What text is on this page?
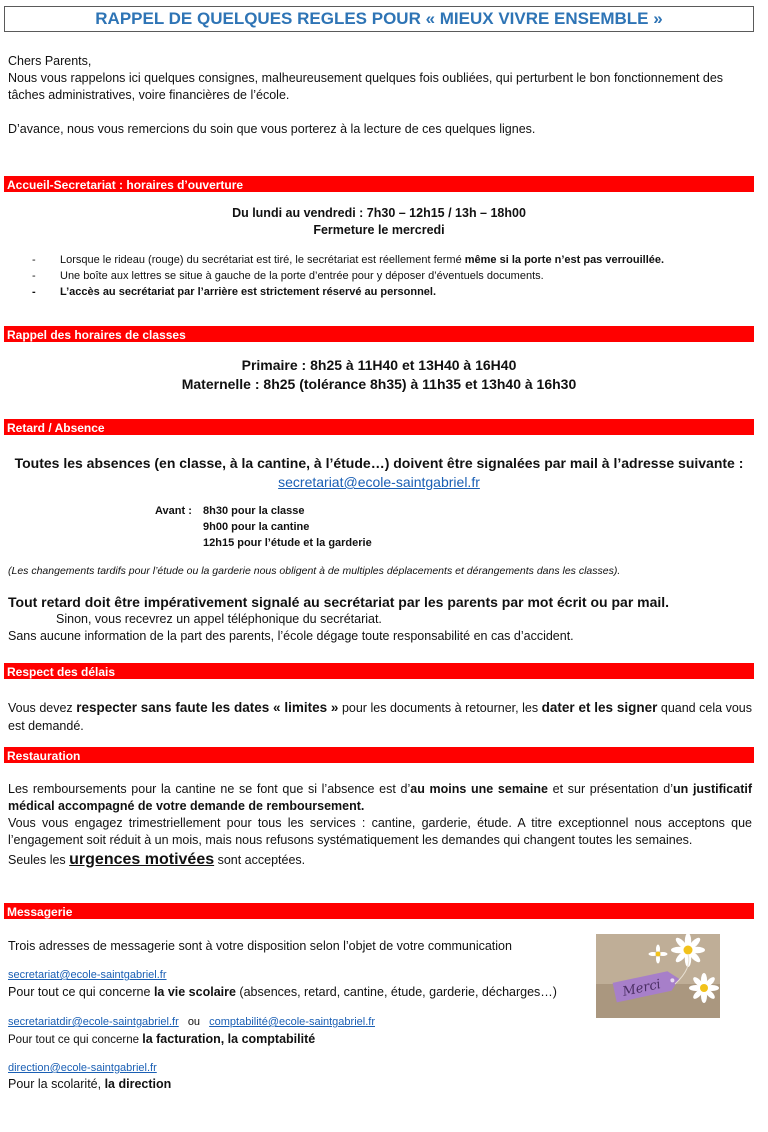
RAPPEL DE QUELQUES REGLES POUR « MIEUX VIVRE ENSEMBLE »
Chers Parents,
Nous vous rappelons ici quelques consignes, malheureusement quelques fois oubliées, qui perturbent le bon fonctionnement des tâches administratives, voire financières de l’école.
D’avance, nous vous remercions du soin que vous porterez à la lecture de ces quelques lignes.
Accueil-Secretariat : horaires d’ouverture
Du lundi au vendredi : 7h30 – 12h15 / 13h – 18h00
Fermeture le mercredi
- Lorsque le rideau (rouge) du secrétariat est tiré, le secrétariat est réellement fermé même si la porte n’est pas verrouillée.
- Une boîte aux lettres se situe à gauche de la porte d’entrée pour y déposer d’éventuels documents.
- L’accès au secrétariat par l’arrière est strictement réservé au personnel.
Rappel des horaires de classes
Primaire : 8h25 à 11H40 et 13H40 à 16H40
Maternelle : 8h25 (tolérance 8h35) à 11h35 et 13h40 à 16h30
Retard / Absence
Toutes les absences (en classe, à la cantine, à l’étude…) doivent être signalées par mail à l’adresse suivante :
secretariat@ecole-saintgabriel.fr
Avant : 8h30 pour la classe
9h00 pour la cantine
12h15 pour l’étude et la garderie
(Les changements tardifs pour l’étude ou la garderie nous obligent à de multiples déplacements et dérangements dans les classes).
Tout retard doit être impérativement signalé au secrétariat par les parents par mot écrit ou par mail.
Sinon, vous recevrez un appel téléphonique du secrétariat.
Sans aucune information de la part des parents, l’école dégage toute responsabilité en cas d’accident.
Respect des délais
Vous devez respecter sans faute les dates « limites » pour les documents à retourner, les dater et les signer quand cela vous est demandé.
Restauration
Les remboursements pour la cantine ne se font que si l’absence est d’au moins une semaine et sur présentation d’un justificatif médical accompagné de votre demande de remboursement.
Vous vous engagez trimestriellement pour tous les services : cantine, garderie, étude. A titre exceptionnel nous acceptons que l’engagement soit réduit à un mois, mais nous refusons systématiquement les demandes qui changent toutes les semaines.
Seules les urgences motivées sont acceptées.
Messagerie
Trois adresses de messagerie sont à votre disposition selon l’objet de votre communication
secretariat@ecole-saintgabriel.fr
Pour tout ce qui concerne la vie scolaire (absences, retard, cantine, étude, garderie, décharges…)
secretariatdir@ecole-saintgabriel.fr ou comptabilité@ecole-saintgabriel.fr
Pour tout ce qui concerne la facturation, la comptabilité
direction@ecole-saintgabriel.fr
Pour la scolarité, la direction
Merci
